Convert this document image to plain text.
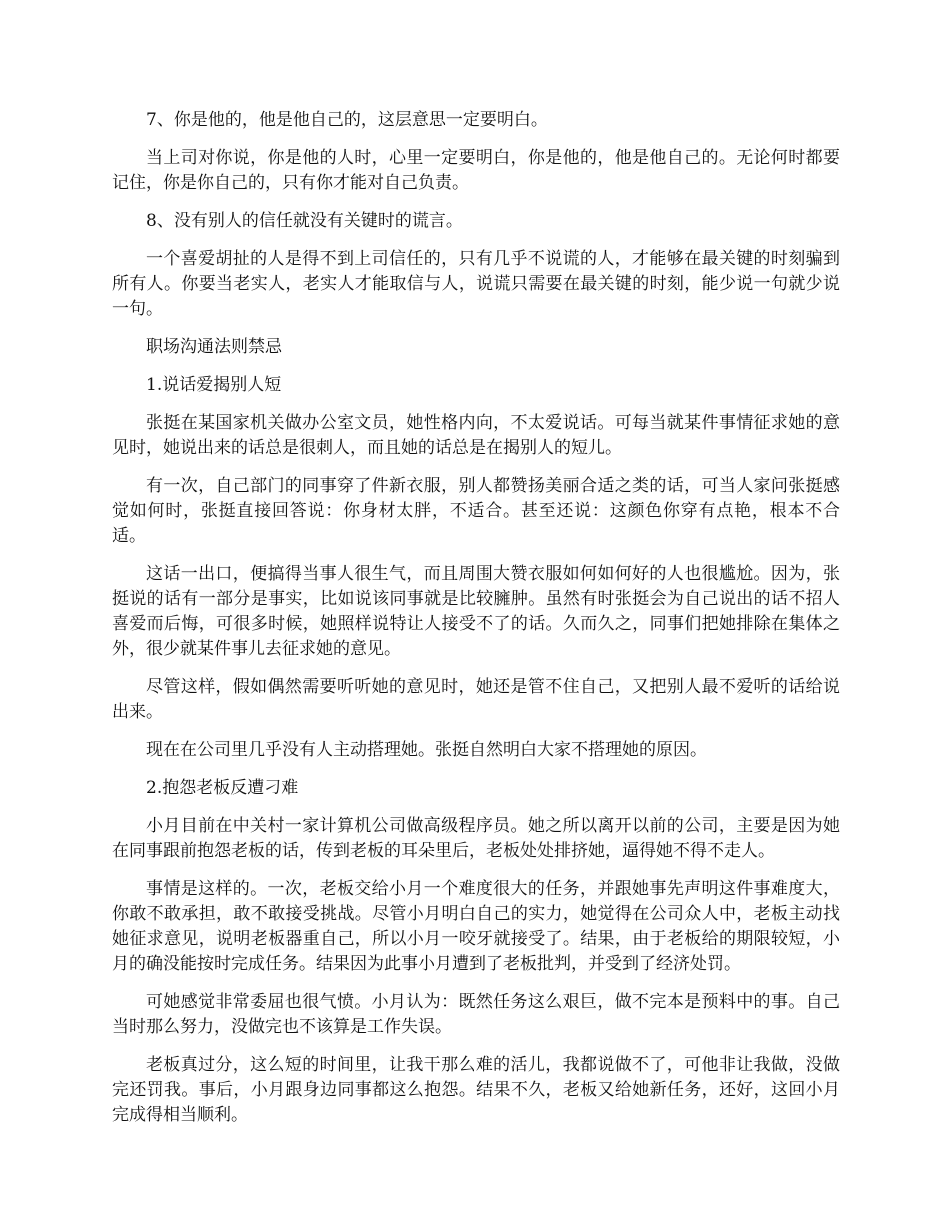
7、你是他的，他是他自己的，这层意思一定要明白。

当上司对你说，你是他的人时，心里一定要明白，你是他的，他是他自己的。无论何时都要记住，你是你自己的，只有你才能对自己负责。

8、没有别人的信任就没有关键时的谎言。

一个喜爱胡扯的人是得不到上司信任的，只有几乎不说谎的人，才能够在最关键的时刻骗到所有人。你要当老实人，老实人才能取信与人，说谎只需要在最关键的时刻，能少说一句就少说一句。

职场沟通法则禁忌

1.说话爱揭别人短

张挺在某国家机关做办公室文员，她性格内向，不太爱说话。可每当就某件事情征求她的意见时，她说出来的话总是很刺人，而且她的话总是在揭别人的短儿。

有一次，自己部门的同事穿了件新衣服，别人都赞扬美丽合适之类的话，可当人家问张挺感觉如何时，张挺直接回答说：你身材太胖，不适合。甚至还说：这颜色你穿有点艳，根本不合适。

这话一出口，便搞得当事人很生气，而且周围大赞衣服如何如何好的人也很尴尬。因为，张挺说的话有一部分是事实，比如说该同事就是比较臃肿。虽然有时张挺会为自己说出的话不招人喜爱而后悔，可很多时候，她照样说特让人接受不了的话。久而久之，同事们把她排除在集体之外，很少就某件事儿去征求她的意见。

尽管这样，假如偶然需要听听她的意见时，她还是管不住自己，又把别人最不爱听的话给说出来。

现在在公司里几乎没有人主动搭理她。张挺自然明白大家不搭理她的原因。

2.抱怨老板反遭刁难

小月目前在中关村一家计算机公司做高级程序员。她之所以离开以前的公司，主要是因为她在同事跟前抱怨老板的话，传到老板的耳朵里后，老板处处排挤她，逼得她不得不走人。

事情是这样的。一次，老板交给小月一个难度很大的任务，并跟她事先声明这件事难度大，你敢不敢承担，敢不敢接受挑战。尽管小月明白自己的实力，她觉得在公司众人中，老板主动找她征求意见，说明老板器重自己，所以小月一咬牙就接受了。结果，由于老板给的期限较短，小月的确没能按时完成任务。结果因为此事小月遭到了老板批判，并受到了经济处罚。

可她感觉非常委屈也很气愤。小月认为：既然任务这么艰巨，做不完本是预料中的事。自己当时那么努力，没做完也不该算是工作失误。

老板真过分，这么短的时间里，让我干那么难的活儿，我都说做不了，可他非让我做，没做完还罚我。事后，小月跟身边同事都这么抱怨。结果不久，老板又给她新任务，还好，这回小月完成得相当顺利。
